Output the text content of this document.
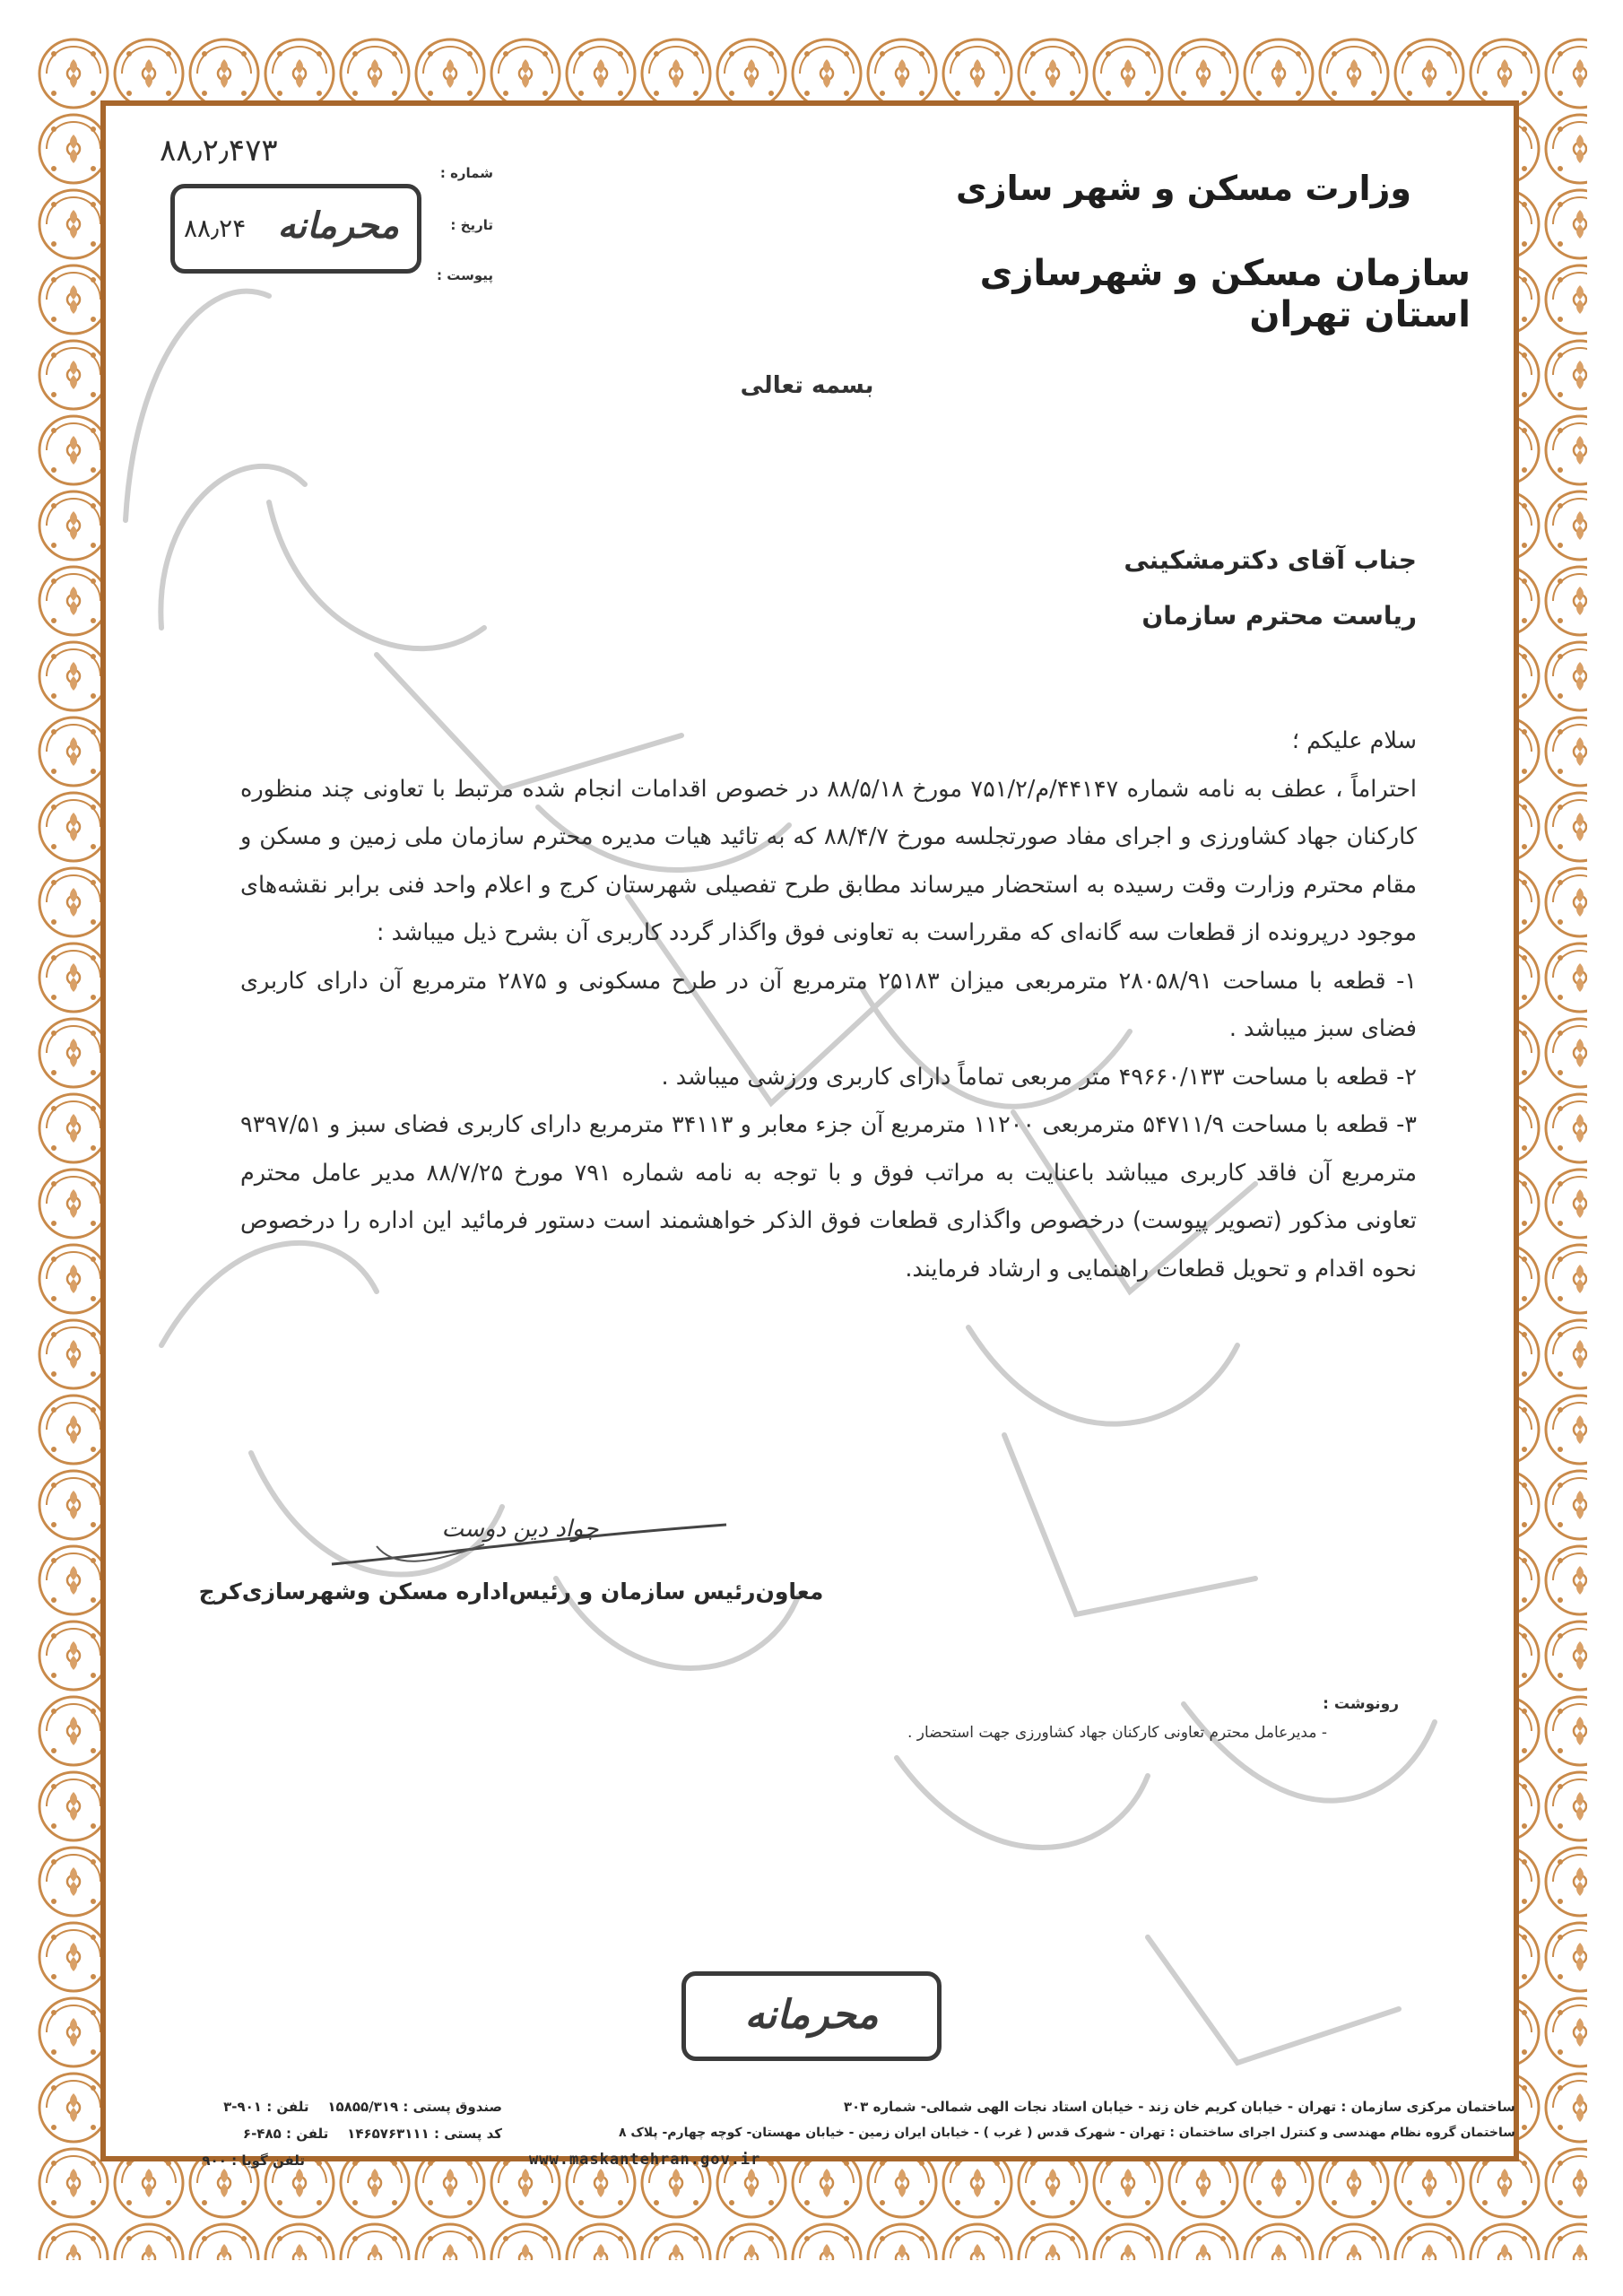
۸۸٫۲٫۴۷۳
محرمانه
۸۸٫۲۴
شماره :
تاریخ :
پیوست :
وزارت مسکن و شهر سازی
سازمان مسکن و شهرسازی استان تهران
بسمه تعالی
جناب آقای دکترمشکینی
ریاست محترم سازمان

سلام علیکم ؛

احتراماً ، عطف به نامه شماره ۴۴۱۴۷/م/۷۵۱/۲ مورخ ۸۸/۵/۱۸ در خصوص اقدامات انجام شده مرتبط با تعاونی چند منظوره کارکنان جهاد کشاورزی و اجرای مفاد صورتجلسه مورخ ۸۸/۴/۷ که به تائید هیات مدیره محترم سازمان ملی زمین و مسکن و مقام محترم وزارت وقت رسیده به استحضار میرساند مطابق طرح تفصیلی شهرستان کرج و اعلام واحد فنی برابر نقشه‌های موجود درپرونده از قطعات سه گانه‌ای که مقرراست به تعاونی فوق واگذار گردد کاربری آن بشرح ذیل میباشد :

۱- قطعه با مساحت ۲۸۰۵۸/۹۱ مترمربعی میزان ۲۵۱۸۳ مترمربع آن در طرح مسکونی و ۲۸۷۵ مترمربع آن دارای کاربری فضای سبز میباشد .

۲- قطعه با مساحت ۴۹۶۶۰/۱۳۳ متر مربعی تماماً دارای کاربری ورزشی میباشد .

۳- قطعه با مساحت ۵۴۷۱۱/۹ مترمربعی ۱۱۲۰۰ مترمربع آن جزء معابر و ۳۴۱۱۳ مترمربع دارای کاربری فضای سبز و ۹۳۹۷/۵۱ مترمربع آن فاقد کاربری میباشد باعنایت به مراتب فوق و با توجه به نامه شماره ۷۹۱ مورخ ۸۸/۷/۲۵ مدیر عامل محترم تعاونی مذکور (تصویر پیوست) درخصوص واگذاری قطعات فوق الذکر خواهشمند است دستور فرمائید این اداره را درخصوص نحوه اقدام و تحویل قطعات راهنمایی و ارشاد فرمایند.

جواد دین دوست
معاون‌رئیس سازمان و رئیس‌اداره مسکن وشهرسازی‌کرج
رونوشت :
- مدیرعامل محترم تعاونی کارکنان جهاد کشاورزی جهت استحضار .
محرمانه
ساختمان مرکزی سازمان : تهران - خیابان کریم خان زند - خیابان استاد نجات الهی شمالی- شماره ۳۰۳
ساختمان گروه نظام مهندسی و کنترل اجرای ساختمان : تهران - شهرک قدس ( غرب ) - خیابان ایران زمین - خیابان مهستان- کوچه چهارم- پلاک ۸
www.maskantehran.gov.ir
صندوق پستی : ۱۵۸۵۵/۳۱۹    تلفن : ۹۰۱-۳
کد پستی : ۱۴۶۵۷۶۳۱۱۱    تلفن : ۴۸۵-۶
تلفن گویا : ۹۰۰
